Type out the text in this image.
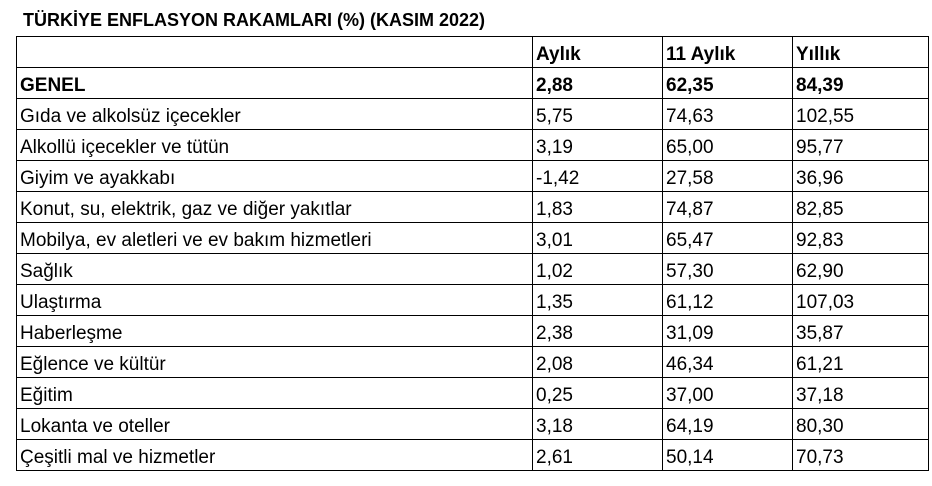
TÜRKİYE ENFLASYON RAKAMLARI (%) (KASIM 2022)
	Aylık	11 Aylık	Yıllık
GENEL	2,88	62,35	84,39
Gıda ve alkolsüz içecekler	5,75	74,63	102,55
Alkollü içecekler ve tütün	3,19	65,00	95,77
Giyim ve ayakkabı	-1,42	27,58	36,96
Konut, su, elektrik, gaz ve diğer yakıtlar	1,83	74,87	82,85
Mobilya, ev aletleri ve ev bakım hizmetleri	3,01	65,47	92,83
Sağlık	1,02	57,30	62,90
Ulaştırma	1,35	61,12	107,03
Haberleşme	2,38	31,09	35,87
Eğlence ve kültür	2,08	46,34	61,21
Eğitim	0,25	37,00	37,18
Lokanta ve oteller	3,18	64,19	80,30
Çeşitli mal ve hizmetler	2,61	50,14	70,73
